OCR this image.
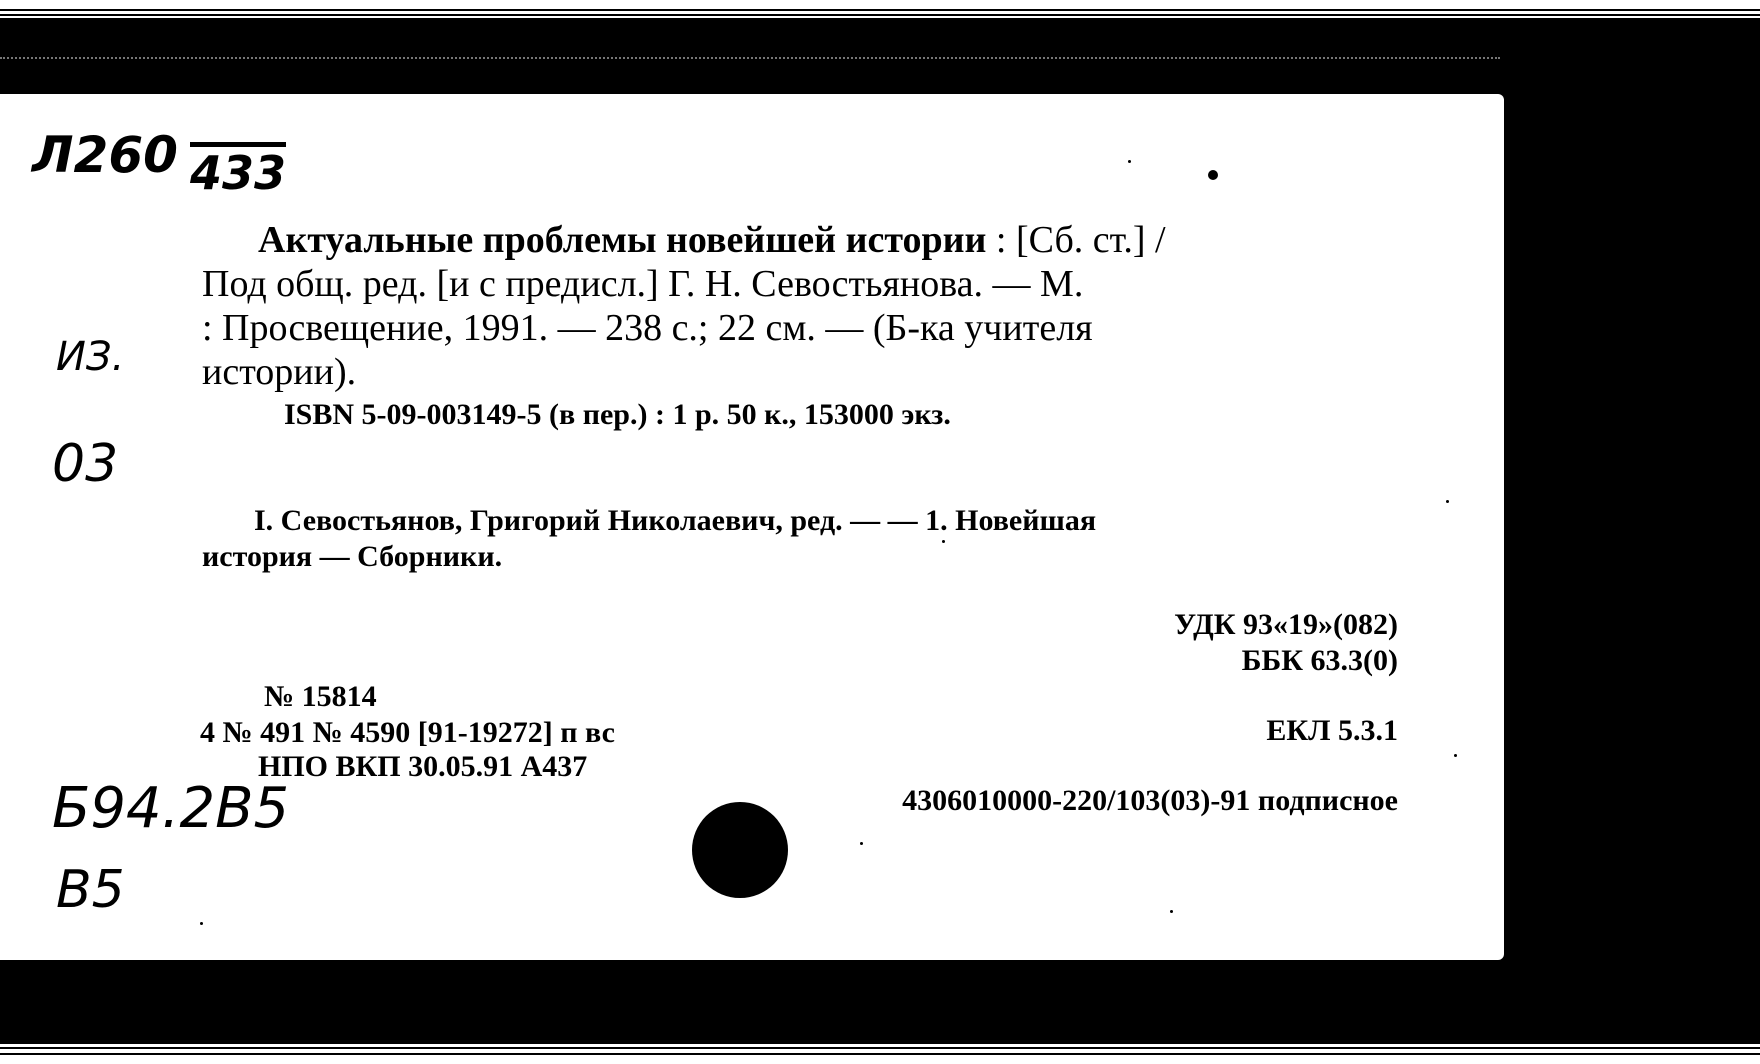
Л260 433
ИЗ.
03
Б94.2В5
В5
Актуальные проблемы новейшей истории : [Сб. ст.] /
Под общ. ред. [и с предисл.] Г. Н. Севостьянова. — М.
: Просвещение, 1991. — 238 с.; 22 см. — (Б-ка учителя
истории).
ISBN 5-09-003149-5 (в пер.) : 1 р. 50 к., 153000 экз.
I. Севостьянов, Григорий Николаевич, ред. — — 1. Новейшая
история — Сборники.
УДК 93«19»(082)
ББК 63.3(0)
ЕКЛ 5.3.1
№ 15814
4 № 491 № 4590 [91-19272] п вс
НПО ВКП 30.05.91 А437
4306010000-220/103(03)-91 подписное
